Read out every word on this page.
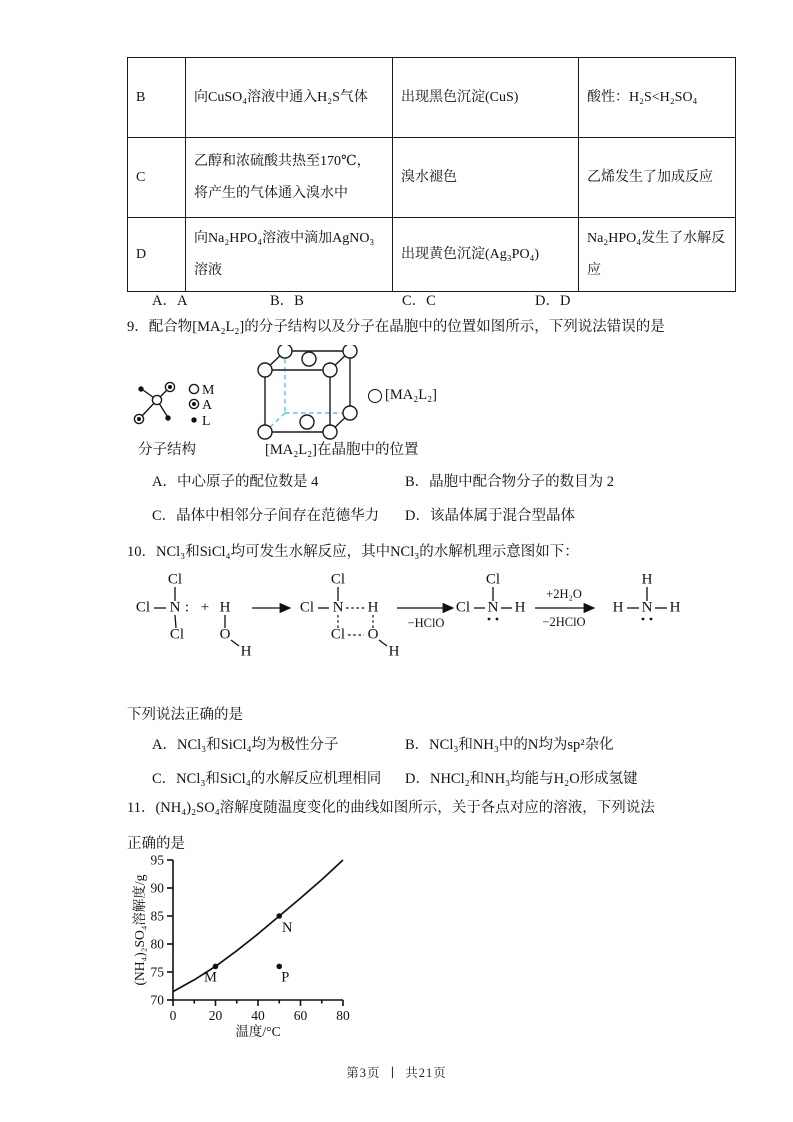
B	向CuSO₄溶液中通入H₂S气体	出现黑色沉淀(CuS)	酸性：H₂S<H₂SO₄
C	乙醇和浓硫酸共热至170℃，将产生的气体通入溴水中	溴水褪色	乙烯发生了加成反应
D	向Na₂HPO₄溶液中滴加AgNO₃溶液	出现黄色沉淀(Ag₃PO₄)	Na₂HPO₄发生了水解反应
A．A	B．B	C．C	D．D
9．配合物[MA₂L₂]的分子结构以及分子在晶胞中的位置如图所示，下列说法错误的是
M
A
L
分子结构	[MA₂L₂]在晶胞中的位置
[MA₂L₂]
A．中心原子的配位数是 4	B．晶胞中配合物分子的数目为 2
C．晶体中相邻分子间存在范德华力	D．该晶体属于混合型晶体
10．NCl₃和SiCl₄均可发生水解反应，其中NCl₃的水解机理示意图如下：
Cl
Cl N :
Cl
+ H
O
H
Cl
Cl N H
Cl O
H
−HClO
Cl
Cl N H
+2H₂O
−2HClO
H
H N H
下列说法正确的是
A．NCl₃和SiCl₄均为极性分子	B．NCl₃和NH₃中的N均为sp²杂化
C．NCl₃和SiCl₄的水解反应机理相同	D．NHCl₂和NH₃均能与H₂O形成氢键
11．(NH₄)₂SO₄溶解度随温度变化的曲线如图所示，关于各点对应的溶液，下列说法正确的是
70
75
80
85
90
95
0 20 40 60 80
M
N
P
温度/°C
(NH₄)₂SO₄溶解度/g
第3页 ∣ 共21页
